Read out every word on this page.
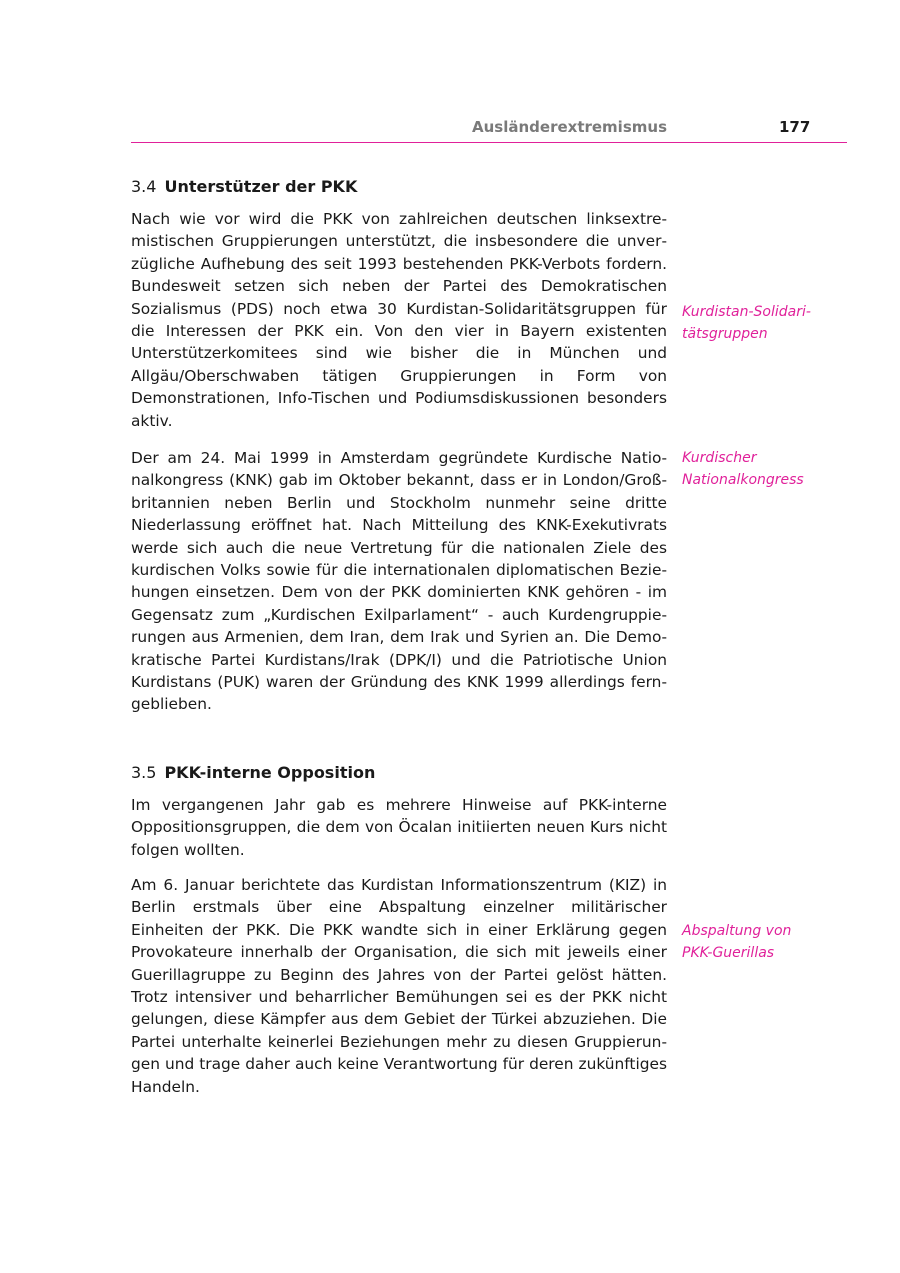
Ausländerextremismus	177
3.4 Unterstützer der PKK

Nach wie vor wird die PKK von zahlreichen deutschen linksextremistischen Gruppierungen unterstützt, die insbesondere die unverzügliche Aufhebung des seit 1993 bestehenden PKK-Verbots fordern. Bundesweit setzen sich neben der Partei des Demokratischen Sozialismus (PDS) noch etwa 30 Kurdistan-Solidaritätsgruppen für die Interessen der PKK ein. Von den vier in Bayern existenten Unterstützerkomitees sind wie bisher die in München und Allgäu/Oberschwaben tätigen Gruppierungen in Form von Demonstrationen, Info-Tischen und Podiumsdiskussionen besonders aktiv.

Kurdistan-Solidari-
tätsgruppen

Der am 24. Mai 1999 in Amsterdam gegründete Kurdische Nationalkongress (KNK) gab im Oktober bekannt, dass er in London/Großbritannien neben Berlin und Stockholm nunmehr seine dritte Niederlassung eröffnet hat. Nach Mitteilung des KNK-Exekutivrats werde sich auch die neue Vertretung für die nationalen Ziele des kurdischen Volks sowie für die internationalen diplomatischen Beziehungen einsetzen. Dem von der PKK dominierten KNK gehören - im Gegensatz zum „Kurdischen Exilparlament“ - auch Kurdengruppierungen aus Armenien, dem Iran, dem Irak und Syrien an. Die Demokratische Partei Kurdistans/Irak (DPK/I) und die Patriotische Union Kurdistans (PUK) waren der Gründung des KNK 1999 allerdings ferngeblieben.

Kurdischer
Nationalkongress
3.5 PKK-interne Opposition

Im vergangenen Jahr gab es mehrere Hinweise auf PKK-interne Oppositionsgruppen, die dem von Öcalan initiierten neuen Kurs nicht folgen wollten.

Am 6. Januar berichtete das Kurdistan Informationszentrum (KIZ) in Berlin erstmals über eine Abspaltung einzelner militärischer Einheiten der PKK. Die PKK wandte sich in einer Erklärung gegen Provokateure innerhalb der Organisation, die sich mit jeweils einer Guerillagruppe zu Beginn des Jahres von der Partei gelöst hätten. Trotz intensiver und beharrlicher Bemühungen sei es der PKK nicht gelungen, diese Kämpfer aus dem Gebiet der Türkei abzuziehen. Die Partei unterhalte keinerlei Beziehungen mehr zu diesen Gruppierungen und trage daher auch keine Verantwortung für deren zukünftiges Handeln.

Abspaltung von
PKK-Guerillas
